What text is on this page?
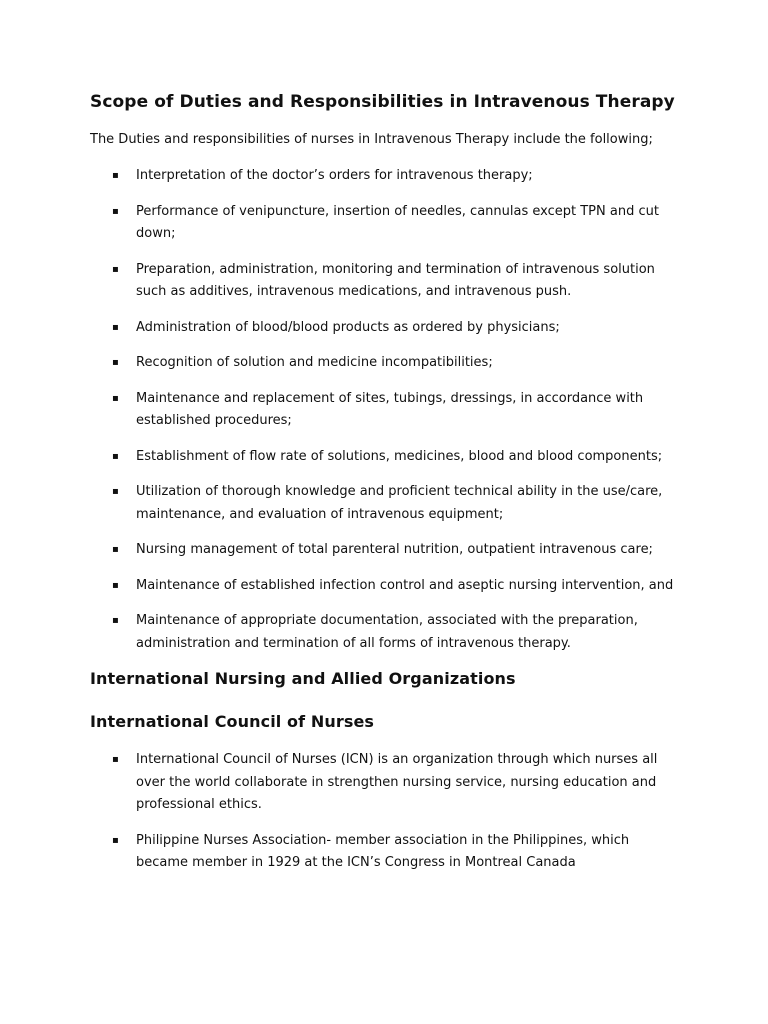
Scope of Duties and Responsibilities in Intravenous Therapy
The Duties and responsibilities of nurses in Intravenous Therapy include the following;
▪ Interpretation of the doctor’s orders for intravenous therapy;
▪ Performance of venipuncture, insertion of needles, cannulas except TPN and cut down;
▪ Preparation, administration, monitoring and termination of intravenous solution such as additives, intravenous medications, and intravenous push.
▪ Administration of blood/blood products as ordered by physicians;
▪ Recognition of solution and medicine incompatibilities;
▪ Maintenance and replacement of sites, tubings, dressings, in accordance with established procedures;
▪ Establishment of flow rate of solutions, medicines, blood and blood components;
▪ Utilization of thorough knowledge and proficient technical ability in the use/care, maintenance, and evaluation of intravenous equipment;
▪ Nursing management of total parenteral nutrition, outpatient intravenous care;
▪ Maintenance of established infection control and aseptic nursing intervention, and
▪ Maintenance of appropriate documentation, associated with the preparation, administration and termination of all forms of intravenous therapy.
International Nursing and Allied Organizations
International Council of Nurses
▪ International Council of Nurses (ICN) is an organization through which nurses all over the world collaborate in strengthen nursing service, nursing education and professional ethics.
▪ Philippine Nurses Association- member association in the Philippines, which became member in 1929 at the ICN’s Congress in Montreal Canada
